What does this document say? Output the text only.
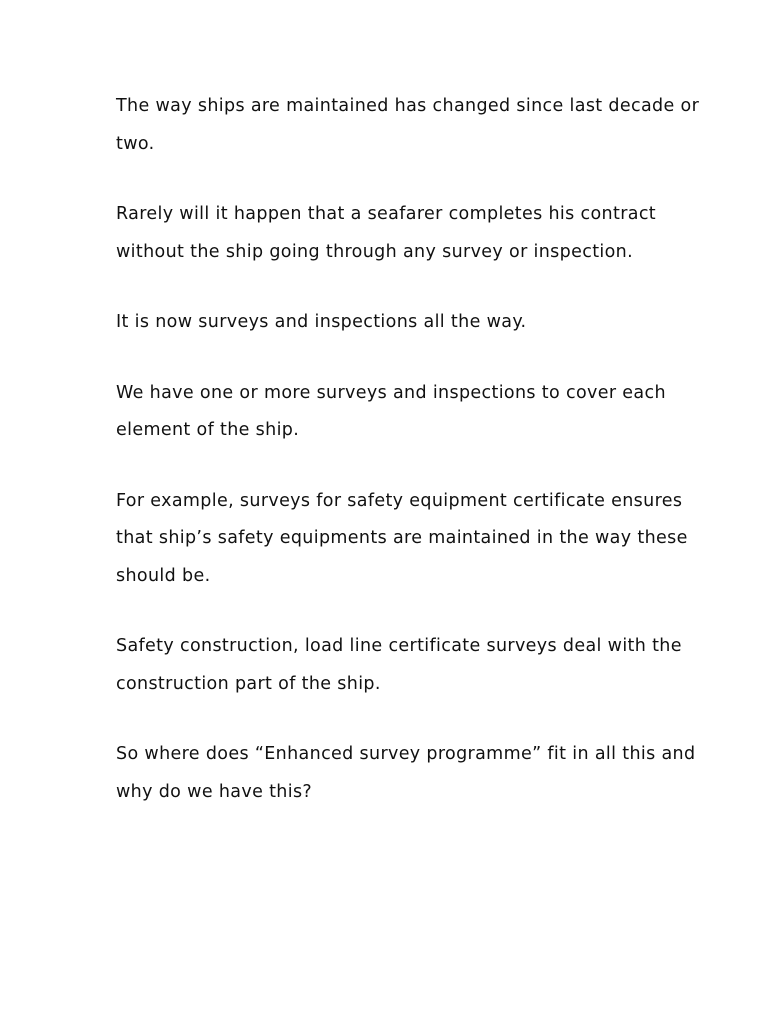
The way ships are maintained has changed since last decade or two.

Rarely will it happen that a seafarer completes his contract without the ship going through any survey or inspection.

It is now surveys and inspections all the way.

We have one or more surveys and inspections to cover each element of the ship.

For example, surveys for safety equipment certificate ensures that ship’s safety equipments are maintained in the way these should be.

Safety construction, load line certificate surveys deal with the construction part of the ship.

So where does “Enhanced survey programme” fit in all this and why do we have this?
